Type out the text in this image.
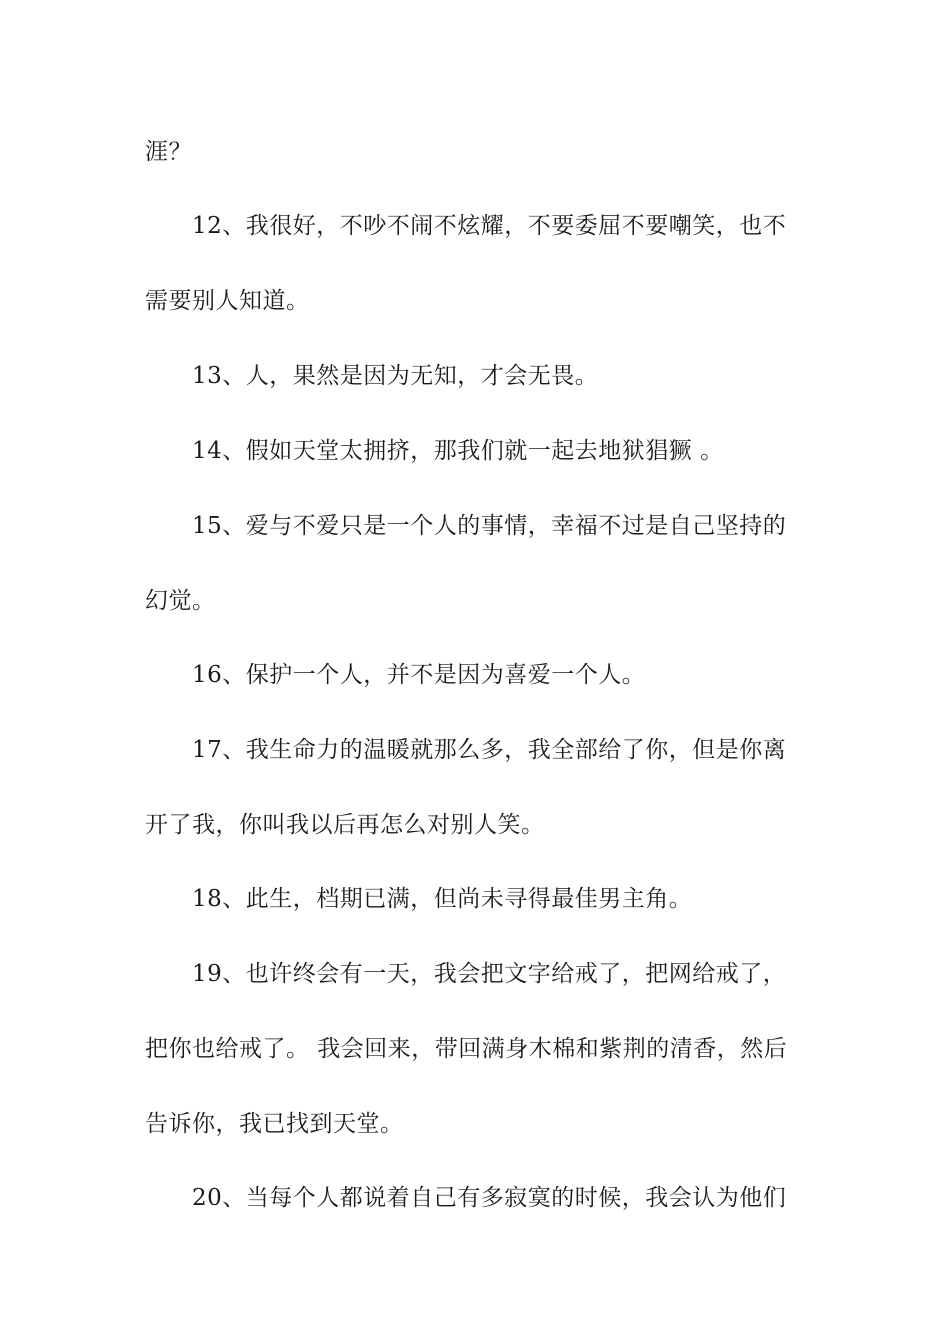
涯？
12、我很好，不吵不闹不炫耀，不要委屈不要嘲笑，也不
需要别人知道。
13、人，果然是因为无知，才会无畏。
14、假如天堂太拥挤，那我们就一起去地狱猖獗 。
15、爱与不爱只是一个人的事情，幸福不过是自己坚持的
幻觉。
16、保护一个人，并不是因为喜爱一个人。
17、我生命力的温暖就那么多，我全部给了你，但是你离
开了我，你叫我以后再怎么对别人笑。
18、此生，档期已满，但尚未寻得最佳男主角。
19、也许终会有一天，我会把文字给戒了，把网给戒了，
把你也给戒了。 我会回来，带回满身木棉和紫荆的清香，然后
告诉你，我已找到天堂。
20、当每个人都说着自己有多寂寞的时候，我会认为他们
